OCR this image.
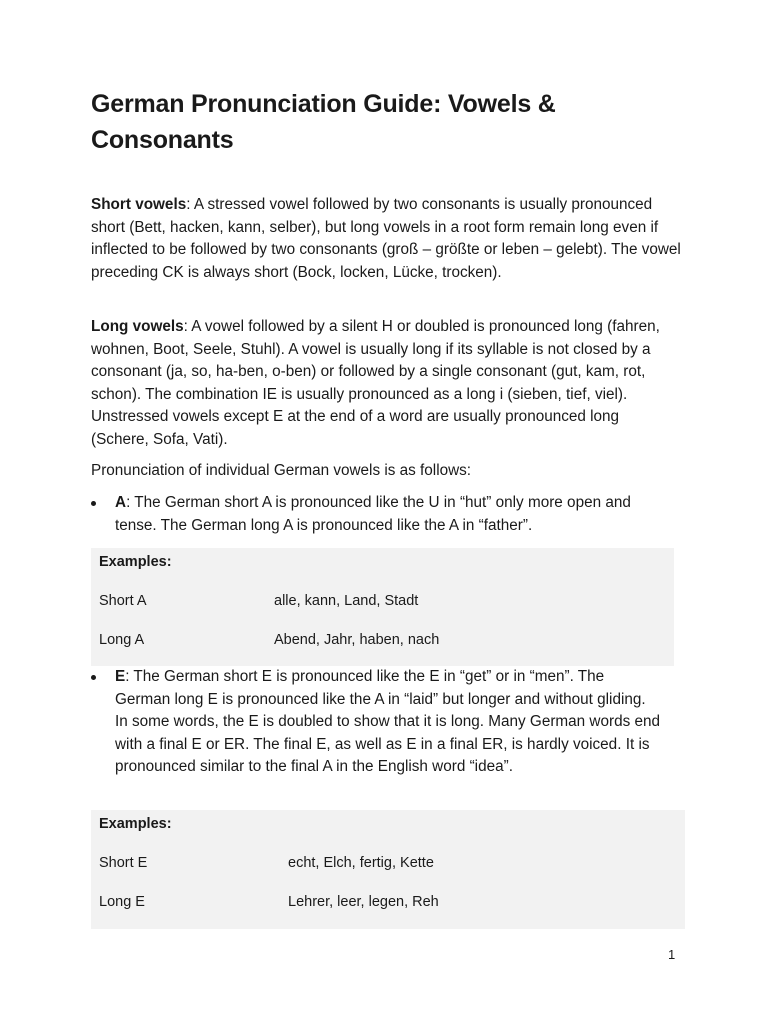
German Pronunciation Guide: Vowels & Consonants
Short vowels: A stressed vowel followed by two consonants is usually pronounced short (Bett, hacken, kann, selber), but long vowels in a root form remain long even if inflected to be followed by two consonants (groß – größte or leben – gelebt). The vowel preceding CK is always short (Bock, locken, Lücke, trocken).
Long vowels: A vowel followed by a silent H or doubled is pronounced long (fahren, wohnen, Boot, Seele, Stuhl). A vowel is usually long if its syllable is not closed by a consonant (ja, so, ha-ben, o-ben) or followed by a single consonant (gut, kam, rot, schon). The combination IE is usually pronounced as a long i (sieben, tief, viel). Unstressed vowels except E at the end of a word are usually pronounced long (Schere, Sofa, Vati).
Pronunciation of individual German vowels is as follows:
A: The German short A is pronounced like the U in “hut” only more open and tense. The German long A is pronounced like the A in “father”.
Examples:
Short A	alle, kann, Land, Stadt
Long A	Abend, Jahr, haben, nach
E: The German short E is pronounced like the E in “get” or in “men”. The German long E is pronounced like the A in “laid” but longer and without gliding. In some words, the E is doubled to show that it is long. Many German words end with a final E or ER. The final E, as well as E in a final ER, is hardly voiced. It is pronounced similar to the final A in the English word “idea”.
Examples:
Short E	echt, Elch, fertig, Kette
Long E	Lehrer, leer, legen, Reh
1
